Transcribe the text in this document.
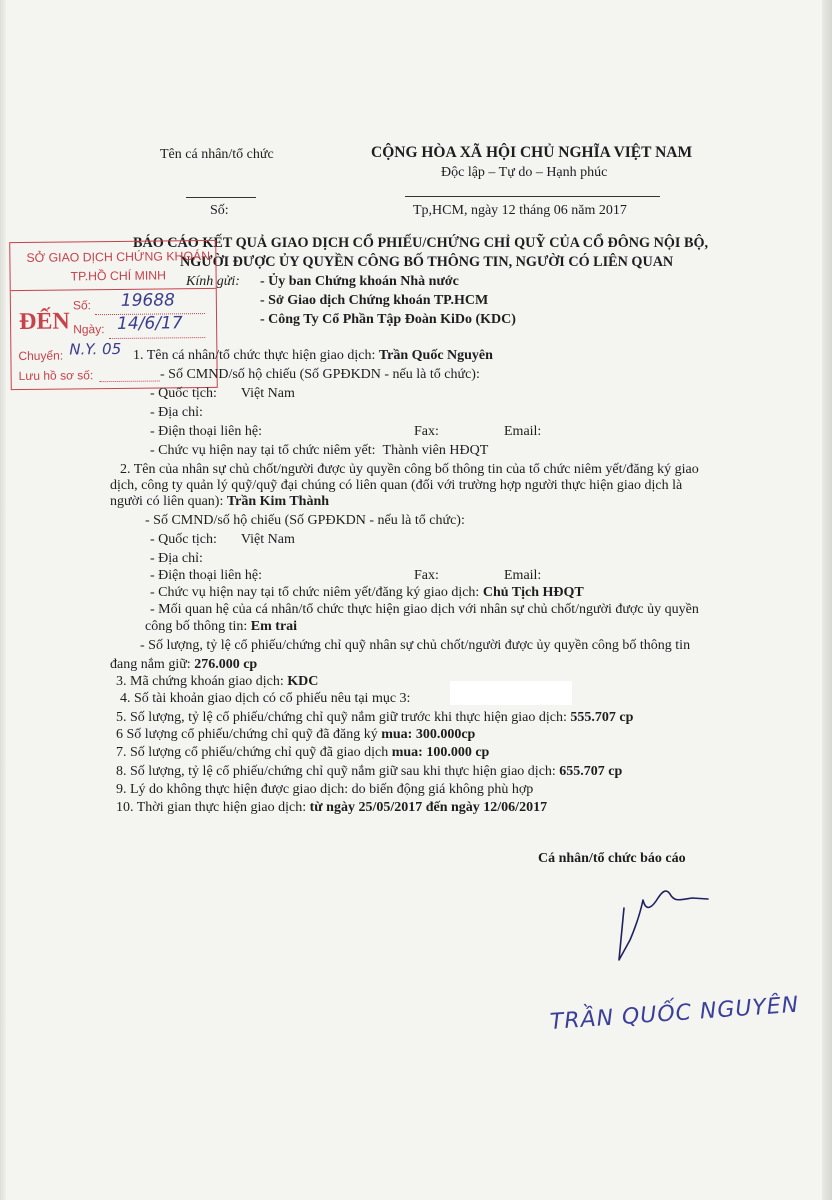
Tên cá nhân/tổ chức	CỘNG HÒA XÃ HỘI CHỦ NGHĨA VIỆT NAM
Độc lập – Tự do – Hạnh phúc
Số:	Tp,HCM, ngày 12 tháng 06 năm 2017
BÁO CÁO KẾT QUẢ GIAO DỊCH CỔ PHIẾU/CHỨNG CHỈ QUỸ CỦA CỔ ĐÔNG NỘI BỘ,
NGƯỜI ĐƯỢC ỦY QUYỀN CÔNG BỐ THÔNG TIN, NGƯỜI CÓ LIÊN QUAN
Kính gửi: - Ủy ban Chứng khoán Nhà nước
- Sở Giao dịch Chứng khoán TP.HCM
- Công Ty Cổ Phần Tập Đoàn KiDo (KDC)
SỞ GIAO DỊCH CHỨNG KHOÁN
TP.HỒ CHÍ MINH
ĐẾN
Số: 19688
Ngày: 14/6/17
Chuyển: N.Y. 05
Lưu hồ sơ số:
1. Tên cá nhân/tổ chức thực hiện giao dịch: Trần Quốc Nguyên
- Số CMND/số hộ chiếu (Số GPĐKDN - nếu là tổ chức):
- Quốc tịch: Việt Nam
- Địa chỉ:
- Điện thoại liên hệ:	Fax:	Email:
- Chức vụ hiện nay tại tổ chức niêm yết: Thành viên HĐQT
2. Tên của nhân sự chủ chốt/người được ủy quyền công bố thông tin của tổ chức niêm yết/đăng ký giao
dịch, công ty quản lý quỹ/quỹ đại chúng có liên quan (đối với trường hợp người thực hiện giao dịch là
người có liên quan): Trần Kim Thành
- Số CMND/số hộ chiếu (Số GPĐKDN - nếu là tổ chức):
- Quốc tịch: Việt Nam
- Địa chỉ:
- Điện thoại liên hệ:	Fax:	Email:
- Chức vụ hiện nay tại tổ chức niêm yết/đăng ký giao dịch: Chủ Tịch HĐQT
- Mối quan hệ của cá nhân/tổ chức thực hiện giao dịch với nhân sự chủ chốt/người được ủy quyền
công bố thông tin: Em trai
- Số lượng, tỷ lệ cổ phiếu/chứng chỉ quỹ nhân sự chủ chốt/người được ủy quyền công bố thông tin
đang nắm giữ: 276.000 cp
3. Mã chứng khoán giao dịch: KDC
4. Số tài khoản giao dịch có cổ phiếu nêu tại mục 3:
5. Số lượng, tỷ lệ cổ phiếu/chứng chỉ quỹ nắm giữ trước khi thực hiện giao dịch: 555.707 cp
6 Số lượng cổ phiếu/chứng chỉ quỹ đã đăng ký mua: 300.000cp
7. Số lượng cổ phiếu/chứng chỉ quỹ đã giao dịch mua: 100.000 cp
8. Số lượng, tỷ lệ cổ phiếu/chứng chỉ quỹ nắm giữ sau khi thực hiện giao dịch: 655.707 cp
9. Lý do không thực hiện được giao dịch: do biến động giá không phù hợp
10. Thời gian thực hiện giao dịch: từ ngày 25/05/2017 đến ngày 12/06/2017
Cá nhân/tổ chức báo cáo
TRẦN QUỐC NGUYÊN
